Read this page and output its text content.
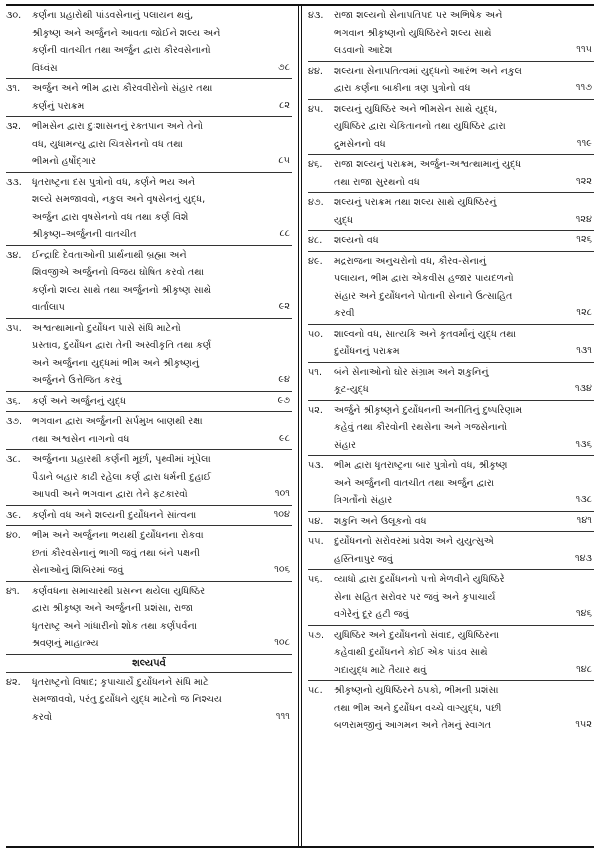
૩૦.	કર્ણના પ્રહારોથી પાંડવસેનાનું પલાયન થવું,
શ્રીકૃષ્ણ અને અર્જુનને આવતા જોઈને શલ્ય અને
કર્ણની વાતચીત તથા અર્જુન દ્વારા કૌરવસેનાનો
વિધ્વંસ	૭૮
૩૧.	અર્જુન અને ભીમ દ્વારા કૌરવવીરોનો સંહાર તથા
કર્ણનું પરાક્રમ	૮૨
૩૨.	ભીમસેન દ્વારા દુઃશાસનનું રક્તપાન અને તેનો
વધ, યુધામન્યુ દ્વારા ચિત્રસેનનો વધ તથા
ભીમનો હર્ષોદ્ગાર	૮૫
૩૩.	ધૃતરાષ્ટ્રના દસ પુત્રોનો વધ, કર્ણને ભય અને
શલ્યે સમજાવવો, નકુલ અને વૃષસેનનું યુદ્ધ,
અર્જુન દ્વારા વૃષસેનનો વધ તથા કર્ણ વિશે
શ્રીકૃષ્ણ–અર્જુનની વાતચીત	૮૮
૩૪.	ઈન્દ્રાદિ દેવતાઓની પ્રાર્થનાથી બ્રહ્મા અને
શિવજીએ અર્જુનનો વિજય ઘોષિત કરવો તથા
કર્ણનો શલ્ય સાથે તથા અર્જુનનો શ્રીકૃષ્ણ સાથે
વાર્તાલાપ	૯૨
૩૫.	અશ્વત્થામાનો દુર્યોધન પાસે સંધિ માટેનો
પ્રસ્તાવ, દુર્યોધન દ્વારા તેની અસ્વીકૃતિ તથા કર્ણ
અને અર્જુનના યુદ્ધમાં ભીમ અને શ્રીકૃષ્ણનું
અર્જુનને ઉત્તેજિત કરવું	૯૪
૩૬.	કર્ણ અને અર્જુનનું યુદ્ધ	૯૭
૩૭.	ભગવાન દ્વારા અર્જુનની સર્પમુખ બાણથી રક્ષા
તથા અશ્વસેન નાગનો વધ	૯૮
૩૮.	અર્જુનના પ્રહારથી કર્ણની મૂર્છા, પૃથ્વીમાં ખૂંપેલા
પૈડાને બહાર કાઢી રહેલા કર્ણ દ્વારા ધર્મની દુહાઈ
આપવી અને ભગવાન દ્વારા તેને ફટકારવો	૧૦૧
૩૯.	કર્ણનો વધ અને શલ્યની દુર્યોધનને સાંત્વના	૧૦૪
૪૦.	ભીમ અને અર્જુનના ભયથી દુર્યોધનના રોકવા
છતાં કૌરવસેનાનું ભાગી જવું તથા બંને પક્ષની
સેનાઓનું શિબિરમાં જવું	૧૦૬
૪૧.	કર્ણવધના સમાચારથી પ્રસન્ન થયેલા યુધિષ્ઠિર
દ્વારા શ્રીકૃષ્ણ અને અર્જુનની પ્રશંસા, રાજા
ધૃતરાષ્ટ્ર અને ગાંધારીનો શોક તથા કર્ણપર્વના
શ્રવણનું માહાત્મ્ય	૧૦૮
શલ્યપર્વ
૪૨.	ધૃતરાષ્ટ્રનો વિષાદ; કૃપાચાર્યે દુર્યોધનને સંધિ માટે
સમજાવવો, પરંતુ દુર્યોધને યુદ્ધ માટેનો જ નિશ્ચય
કરવો	૧૧૧
૪૩.	રાજા શલ્યનો સેનાપતિપદ પર અભિષેક અને
ભગવાન શ્રીકૃષ્ણનો યુધિષ્ઠિરને શલ્ય સાથે
લડવાનો આદેશ	૧૧૫
૪૪.	શલ્યના સેનાપતિત્વમાં યુદ્ધનો આરંભ અને નકુલ
દ્વારા કર્ણના બાકીના ત્રણ પુત્રોનો વધ	૧૧૭
૪૫.	શલ્યનું યુધિષ્ઠિર અને ભીમસેન સાથે યુદ્ધ,
યુધિષ્ઠિર દ્વારા ચેકિતાનનો તથા યુધિષ્ઠિર દ્વારા
દ્રુમસેનનો વધ	૧૧૯
૪૬.	રાજા શલ્યનું પરાક્રમ, અર્જુન-અશ્વત્થામાનું યુદ્ધ
તથા રાજા સુરથનો વધ	૧૨૨
૪૭.	શલ્યનું પરાક્રમ તથા શલ્ય સાથે યુધિષ્ઠિરનું
યુદ્ધ	૧૨૪
૪૮.	શલ્યનો વધ	૧૨૬
૪૯.	મદ્રરાજના અનુચરોનો વધ, કૌરવ-સેનાનું
પલાયન, ભીમ દ્વારા એકવીસ હજાર પાયદળનો
સંહાર અને દુર્યોધનને પોતાની સેનાને ઉત્સાહિત
કરવી	૧૨૮
૫૦.	શાલ્વનો વધ, સાત્યકિ અને કૃતવર્માનું યુદ્ધ તથા
દુર્યોધનનું પરાક્રમ	૧૩૧
૫૧.	બંને સેનાઓનો ઘોર સંગ્રામ અને શકુનિનું
કૂટ-યુદ્ધ	૧૩૪
૫૨.	અર્જુને શ્રીકૃષ્ણને દુર્યોધનની અનીતિનું દુષ્પરિણામ
કહેવું તથા કૌરવોની રથસેના અને ગજસેનાનો
સંહાર	૧૩૬
૫૩.	ભીમ દ્વારા ધૃતરાષ્ટ્રના બાર પુત્રોનો વધ, શ્રીકૃષ્ણ
અને અર્જુનની વાતચીત તથા અર્જુન દ્વારા
ત્રિગર્તોનો સંહાર	૧૩૮
૫૪.	શકુનિ અને ઉલૂકનો વધ	૧૪૧
૫૫.	દુર્યોધનનો સરોવરમાં પ્રવેશ અને યુયુત્સુએ
હસ્તિનાપુર જવું	૧૪૩
૫૬.	વ્યાધો દ્વારા દુર્યોધનનો પત્તો મેળવીને યુધિષ્ઠિરે
સેના સહિત સરોવર પર જવું અને કૃપાચાર્ય
વગેરેનું દૂર હટી જવું	૧૪૬
૫૭.	યુધિષ્ઠિર અને દુર્યોધનનો સંવાદ, યુધિષ્ઠિરના
કહેવાથી દુર્યોધનને કોઈ એક પાંડવ સાથે
ગદાયુદ્ધ માટે તૈયાર થવું	૧૪૮
૫૮.	શ્રીકૃષ્ણનો યુધિષ્ઠિરને ઠપકો, ભીમની પ્રશંસા
તથા ભીમ અને દુર્યોધન વચ્ચે વાગ્યુદ્ધ, પછી
બળરામજીનું આગમન અને તેમનું સ્વાગત	૧૫૨
